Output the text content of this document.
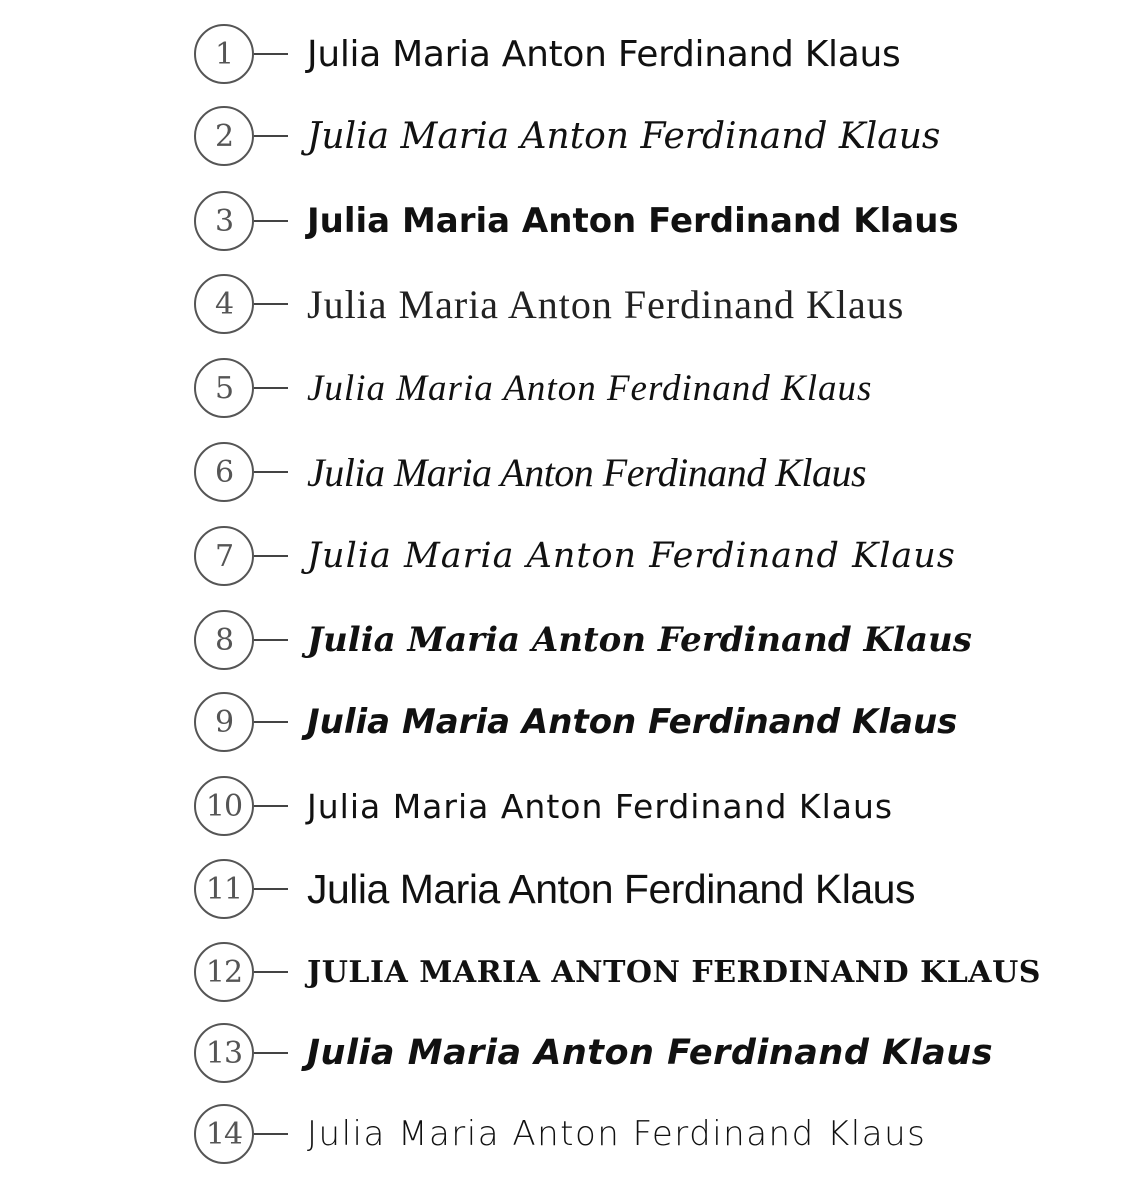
1	Julia Maria Anton Ferdinand Klaus
2	Julia Maria Anton Ferdinand Klaus
3	Julia Maria Anton Ferdinand Klaus
4	Julia Maria Anton Ferdinand Klaus
5	Julia Maria Anton Ferdinand Klaus
6	Julia Maria Anton Ferdinand Klaus
7	Julia Maria Anton Ferdinand Klaus
8	Julia Maria Anton Ferdinand Klaus
9	Julia Maria Anton Ferdinand Klaus
10	Julia Maria Anton Ferdinand Klaus
11 Julia Maria Anton Ferdinand Klaus
12	JULIA MARIA ANTON FERDINAND KLAUS
13	Julia Maria Anton Ferdinand Klaus
14	Julia Maria Anton Ferdinand Klaus
